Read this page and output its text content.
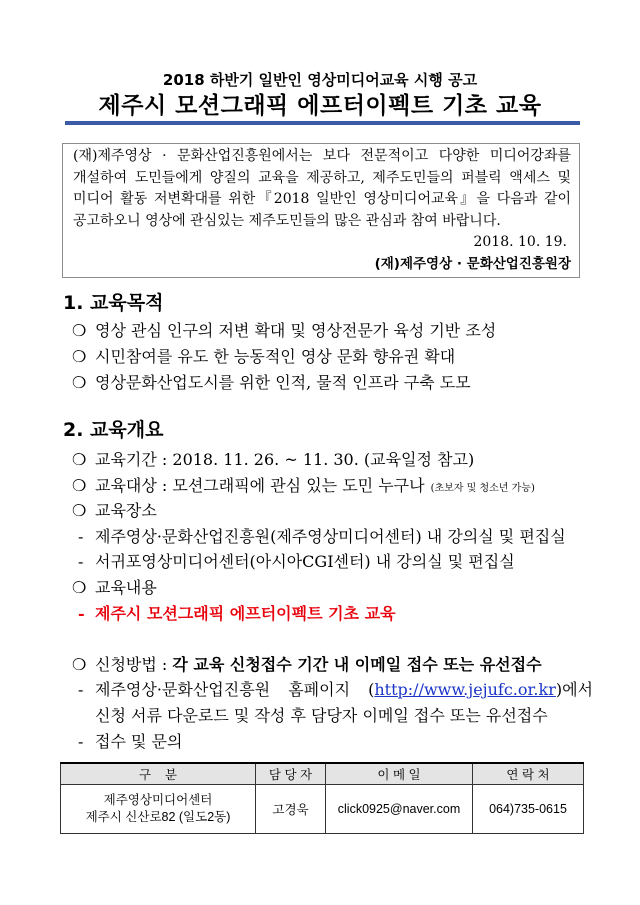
2018 하반기 일반인 영상미디어교육 시행 공고
제주시 모션그래픽 에프터이펙트 기초 교육
(재)제주영상 · 문화산업진흥원에서는 보다 전문적이고 다양한 미디어강좌를
개설하여 도민들에게 양질의 교육을 제공하고, 제주도민들의 퍼블릭 액세스 및
미디어 활동 저변확대를 위한『2018 일반인 영상미디어교육』을 다음과 같이
공고하오니 영상에 관심있는 제주도민들의 많은 관심과 참여 바랍니다.
2018. 10. 19.
(재)제주영상 · 문화산업진흥원장
1. 교육목적
❍ 영상 관심 인구의 저변 확대 및 영상전문가 육성 기반 조성
❍ 시민참여를 유도 한 능동적인 영상 문화 향유권 확대
❍ 영상문화산업도시를 위한 인적, 물적 인프라 구축 도모
2. 교육개요
❍ 교육기간 : 2018. 11. 26. ~ 11. 30. (교육일정 참고)
❍ 교육대상 : 모션그래픽에 관심 있는 도민 누구나 (초보자 및 청소년 가능)
❍ 교육장소
- 제주영상·문화산업진흥원(제주영상미디어센터) 내 강의실 및 편집실
- 서귀포영상미디어센터(아시아CGI센터) 내 강의실 및 편집실
❍ 교육내용
- 제주시 모션그래픽 에프터이펙트 기초 교육
❍ 신청방법 : 각 교육 신청접수 기간 내 이메일 접수 또는 유선접수
- 제주영상·문화산업진흥원 홈페이지 (http://www.jejufc.or.kr)에서
신청 서류 다운로드 및 작성 후 담당자 이메일 접수 또는 유선접수
- 접수 및 문의
구    분	담 당 자	이 메 일	연 락 처

제주영상미디어센터
제주시 신산로82 (일도2동)	고경욱	click0925@naver.com	064)735-0615
